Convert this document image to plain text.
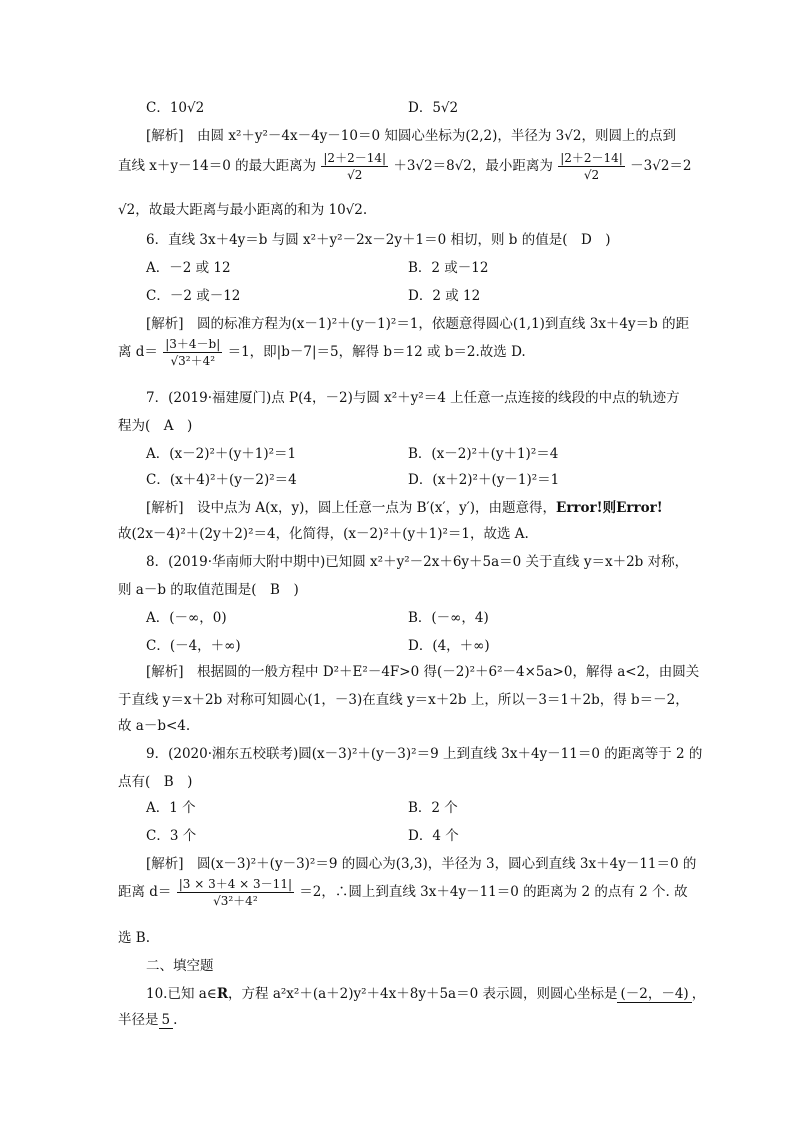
C．10√2	D．5√2
[解析]　由圆 x²＋y²－4x－4y－10＝0 知圆心坐标为(2,2)，半径为 3√2，则圆上的点到
直线 x＋y－14＝0 的最大距离为 $\frac{|2+2-14|}{√2} +3√2=8√2$，最小距离为 $\frac{|2+2-14|}{√2} -3√2=2$
√2，故最大距离与最小距离的和为 10√2.
6．直线 3x＋4y＝b 与圆 x²＋y²－2x－2y＋1＝0 相切，则 b 的值是(　D　)
A．－2 或 12	B．2 或－12
C．－2 或－12	D．2 或 12
[解析]　圆的标准方程为(x－1)²＋(y－1)²＝1，依题意得圆心(1,1)到直线 3x＋4y＝b 的距
离 $d= \frac{|3+4-b|}{\text{√3²＋4²}} =1$，即|b－7|＝5，解得 b＝12 或 b＝2.故选 D.
7．(2019·福建厦门)点 P(4，－2)与圆 x²＋y²＝4 上任意一点连接的线段的中点的轨迹方
程为(　A　)
A．(x－2)²＋(y＋1)²＝1	B．(x－2)²＋(y＋1)²＝4
C．(x＋4)²＋(y－2)²＝4	D．(x＋2)²＋(y－1)²＝1
[解析]　设中点为 A(x，y)，圆上任意一点为 B′(x′，y′)，由题意得，Error!则Error!
故(2x－4)²＋(2y＋2)²＝4，化简得，(x－2)²＋(y＋1)²＝1，故选 A.
8．(2019·华南师大附中期中)已知圆 x²＋y²－2x＋6y＋5a＝0 关于直线 y＝x＋2b 对称，
则 a－b 的取值范围是(　B　)
A．(－∞，0)	B．(－∞，4)
C．(－4，＋∞)	D．(4，＋∞)
[解析]　根据圆的一般方程中 D²＋E²－4F>0 得(－2)²＋6²－4×5a>0，解得 a<2，由圆关
于直线 y＝x＋2b 对称可知圆心(1，－3)在直线 y＝x＋2b 上，所以－3＝1＋2b，得 b＝－2，
故 a－b<4.
9．(2020·湘东五校联考)圆(x－3)²＋(y－3)²＝9 上到直线 3x＋4y－11＝0 的距离等于 2 的
点有(　B　)
A．1 个	B．2 个
C．3 个	D．4 个
[解析]　圆(x－3)²＋(y－3)²＝9 的圆心为(3,3)，半径为 3，圆心到直线 3x＋4y－11＝0 的
距离 $d= \frac{|3 \times 3+4 \times 3-11|}{\text{√3²＋4²}} =2$，∴圆上到直线 3x＋4y－11＝0 的距离为 2 的点有 2 个. 故
选 B.
二、填空题
10.已知 a∈R，方程 a²x²＋(a＋2)y²＋4x＋8y＋5a＝0 表示圆，则圆心坐标是 (－2，－4) ，
半径是 5 .
